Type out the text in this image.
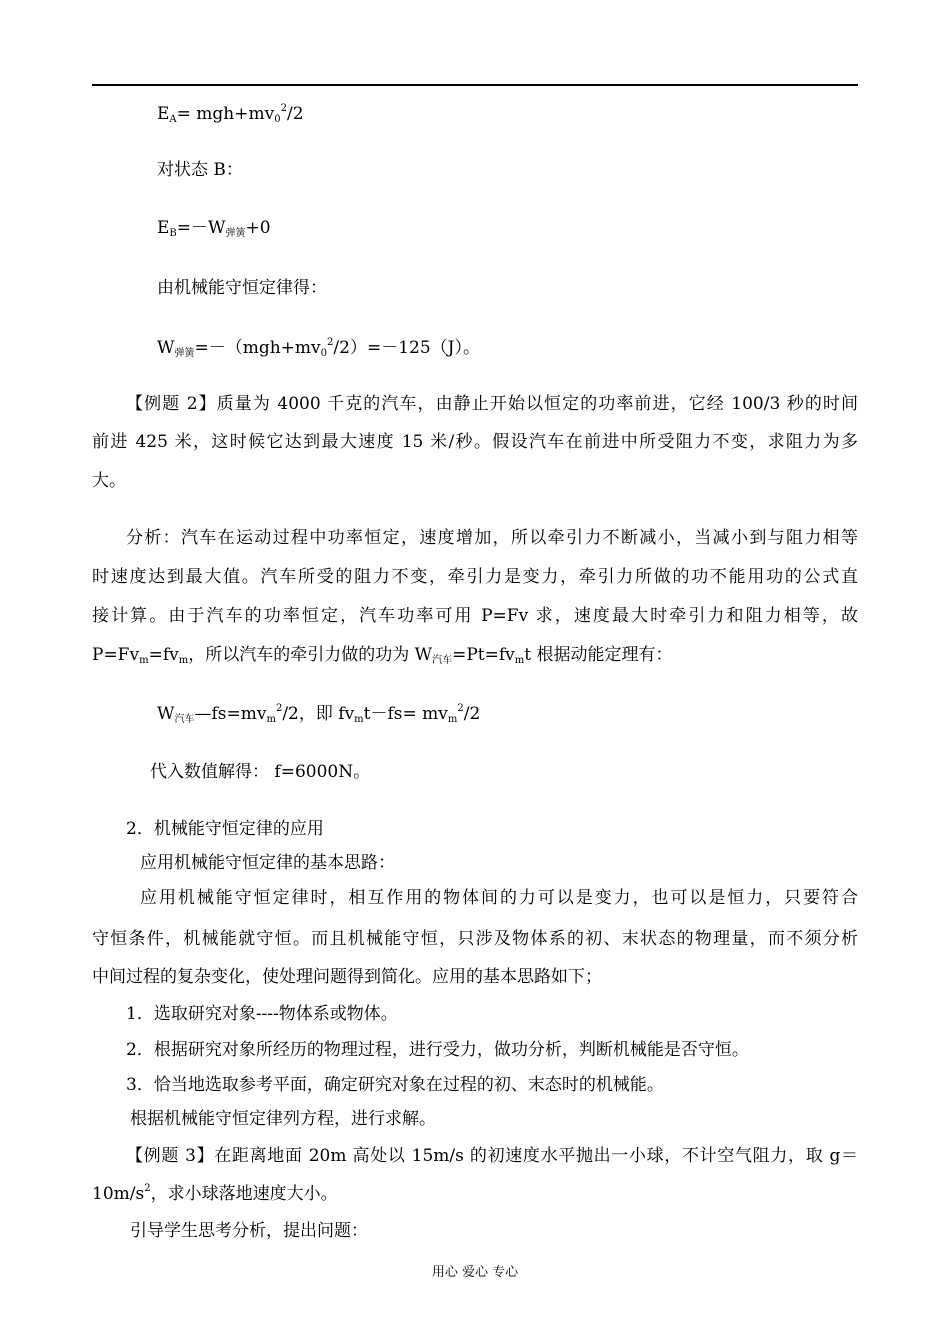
$E_A= mgh+mv_0^2/2$
对状态 B：
$E_B=-W_{弹簧}+0$
由机械能守恒定律得：
$W_{弹簧}=-(mgh+mv_0^2/2)=-125(J)$。
【例题 2】质量为 4000 千克的汽车，由静止开始以恒定的功率前进，它经 100/3 秒的时间
前进 425 米，这时候它达到最大速度 15 米/秒。假设汽车在前进中所受阻力不变，求阻力为多
大。
分析：汽车在运动过程中功率恒定，速度增加，所以牵引力不断减小，当减小到与阻力相等
时速度达到最大值。汽车所受的阻力不变，牵引力是变力，牵引力所做的功不能用功的公式直
接计算。由于汽车的功率恒定，汽车功率可用 P=Fv 求，速度最大时牵引力和阻力相等，故
$P=Fv_m=fv_m$，所以汽车的牵引力做的功为 $W_{汽车}=Pt=fv_mt$ 根据动能定理有：
$W_{汽车}—fs=mv_m^2/2$，即 $fv_mt-fs= mv_m^2/2$
代入数值解得： f=6000N。
2．机械能守恒定律的应用
应用机械能守恒定律的基本思路：
应用机械能守恒定律时，相互作用的物体间的力可以是变力，也可以是恒力，只要符合
守恒条件，机械能就守恒。而且机械能守恒，只涉及物体系的初、末状态的物理量，而不须分析
中间过程的复杂变化，使处理问题得到简化。应用的基本思路如下；
1．选取研究对象----物体系或物体。
2．根据研究对象所经历的物理过程，进行受力，做功分析，判断机械能是否守恒。
3．恰当地选取参考平面，确定研究对象在过程的初、末态时的机械能。
根据机械能守恒定律列方程，进行求解。
【例题 3】在距离地面 20m 高处以 15m/s 的初速度水平抛出一小球，不计空气阻力，取 g＝
$10m/s^2$，求小球落地速度大小。
引导学生思考分析，提出问题：
用心 爱心 专心
